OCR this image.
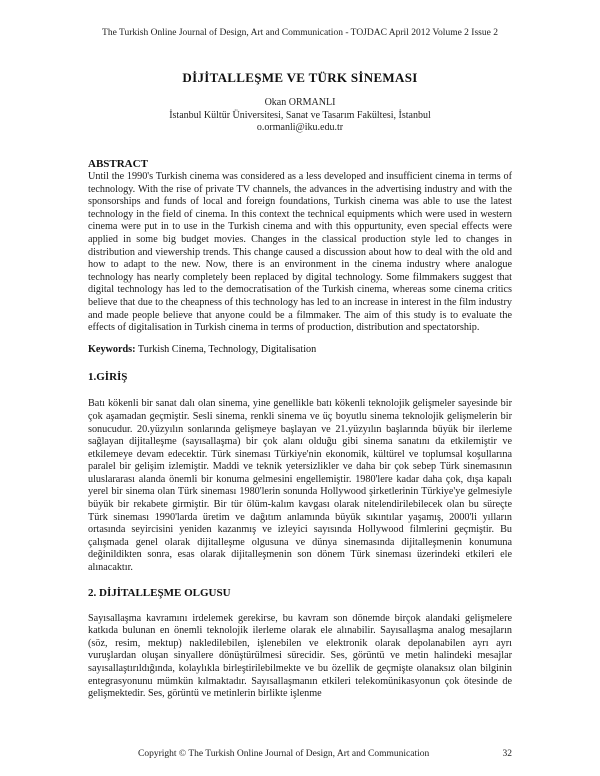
The Turkish Online Journal of Design, Art and Communication - TOJDAC April 2012 Volume 2 Issue 2
DİJİTALLEŞME VE TÜRK SİNEMASI
Okan ORMANLI
İstanbul Kültür Üniversitesi, Sanat ve Tasarım Fakültesi, İstanbul
o.ormanli@iku.edu.tr
ABSTRACT

Until the 1990's Turkish cinema was considered as a less developed and insufficient cinema in terms of technology. With the rise of private TV channels, the advances in the advertising industry and with the sponsorships and funds of local and foreign foundations, Turkish cinema was able to use the latest technology in the field of cinema. In this context the technical equipments which were used in western cinema were put in to use in the Turkish cinema and with this oppurtunity, even special effects were applied in some big budget movies. Changes in the classical production style led to changes in distribution and viewership trends. This change caused a discussion about how to deal with the old and how to adapt to the new. Now, there is an environment in the cinema industry where analogue technology has nearly completely been replaced by digital technology. Some filmmakers suggest that digital technology has led to the democratisation of the Turkish cinema, whereas some cinema critics believe that due to the cheapness of this technology has led to an increase in interest in the film industry and made people believe that anyone could be a filmmaker. The aim of this study is to evaluate the effects of digitalisation in Turkish cinema in terms of production, distribution and spectatorship.

Keywords: Turkish Cinema, Technology, Digitalisation
1.GİRİŞ

Batı kökenli bir sanat dalı olan sinema, yine genellikle batı kökenli teknolojik gelişmeler sayesinde bir çok aşamadan geçmiştir. Sesli sinema, renkli sinema ve üç boyutlu sinema teknolojik gelişmelerin bir sonucudur. 20.yüzyılın sonlarında gelişmeye başlayan ve 21.yüzyılın başlarında büyük bir ilerleme sağlayan dijitalleşme (sayısallaşma) bir çok alanı olduğu gibi sinema sanatını da etkilemiştir ve etkilemeye devam edecektir. Türk sineması Türkiye'nin ekonomik, kültürel ve toplumsal koşullarına paralel bir gelişim izlemiştir. Maddi ve teknik yetersizlikler ve daha bir çok sebep Türk sinemasının uluslararası alanda önemli bir konuma gelmesini engellemiştir. 1980'lere kadar daha çok, dışa kapalı yerel bir sinema olan Türk sineması 1980'lerin sonunda Hollywood şirketlerinin Türkiye'ye gelmesiyle büyük bir rekabete girmiştir. Bir tür ölüm-kalım kavgası olarak nitelendirilebilecek olan bu süreçte Türk sineması 1990'larda üretim ve dağıtım anlamında büyük sıkıntılar yaşamış, 2000'li yılların ortasında seyircisini yeniden kazanmış ve izleyici sayısında Hollywood filmlerini geçmiştir. Bu çalışmada genel olarak dijitalleşme olgusuna ve dünya sinemasında dijitalleşmenin konumuna değinildikten sonra, esas olarak dijitalleşmenin son dönem Türk sineması üzerindeki etkileri ele alınacaktır.

2. DİJİTALLEŞME OLGUSU

Sayısallaşma kavramını irdelemek gerekirse, bu kavram son dönemde birçok alandaki gelişmelere katkıda bulunan en önemli teknolojik ilerleme olarak ele alınabilir. Sayısallaşma analog mesajların (söz, resim, mektup) nakledilebilen, işlenebilen ve elektronik olarak depolanabilen ayrı ayrı vuruşlardan oluşan sinyallere dönüştürülmesi sürecidir. Ses, görüntü ve metin halindeki mesajlar sayısallaştırıldığında, kolaylıkla birleştirilebilmekte ve bu özellik de geçmişte olanaksız olan bilginin entegrasyonunu mümkün kılmaktadır. Sayısallaşmanın etkileri telekomünikasyonun çok ötesinde de gelişmektedir. Ses, görüntü ve metinlerin birlikte işlenme

Copyright © The Turkish Online Journal of Design, Art and Communication	32
